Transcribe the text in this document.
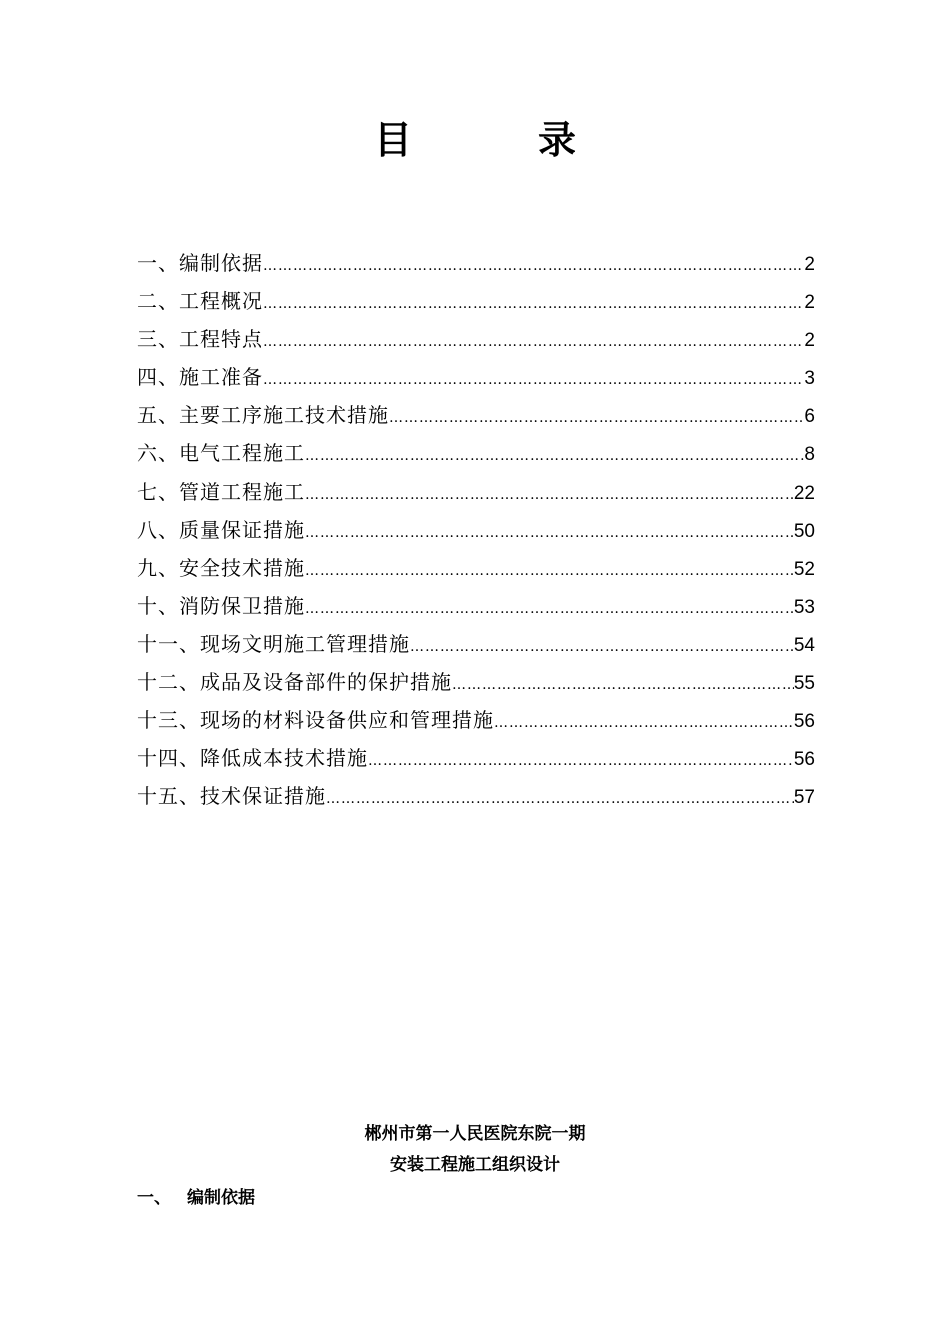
目　录
一、编制依据 ………………………………………………………………………………………………………………………………………………………………	2
二、工程概况 ………………………………………………………………………………………………………………………………………………………………	2
三、工程特点 ………………………………………………………………………………………………………………………………………………………………	2
四、施工准备 ………………………………………………………………………………………………………………………………………………………………	3
五、主要工序施工技术措施 ………………………………………………………………………………………………………………………………………………………………	6
六、电气工程施工 ………………………………………………………………………………………………………………………………………………………………	8
七、管道工程施工 ………………………………………………………………………………………………………………………………………………………………	22
八、质量保证措施 ………………………………………………………………………………………………………………………………………………………………	50
九、安全技术措施 ………………………………………………………………………………………………………………………………………………………………	52
十、消防保卫措施 ………………………………………………………………………………………………………………………………………………………………	53
十一、现场文明施工管理措施 ………………………………………………………………………………………………………………………………………………………………	54
十二、成品及设备部件的保护措施 ………………………………………………………………………………………………………………………………………………………………	55
十三、现场的材料设备供应和管理措施 ………………………………………………………………………………………………………………………………………………………………	56
十四、降低成本技术措施 ………………………………………………………………………………………………………………………………………………………………	56
十五、技术保证措施 ………………………………………………………………………………………………………………………………………………………………	57
郴州市第一人民医院东院一期
安装工程施工组织设计
一、 编制依据
